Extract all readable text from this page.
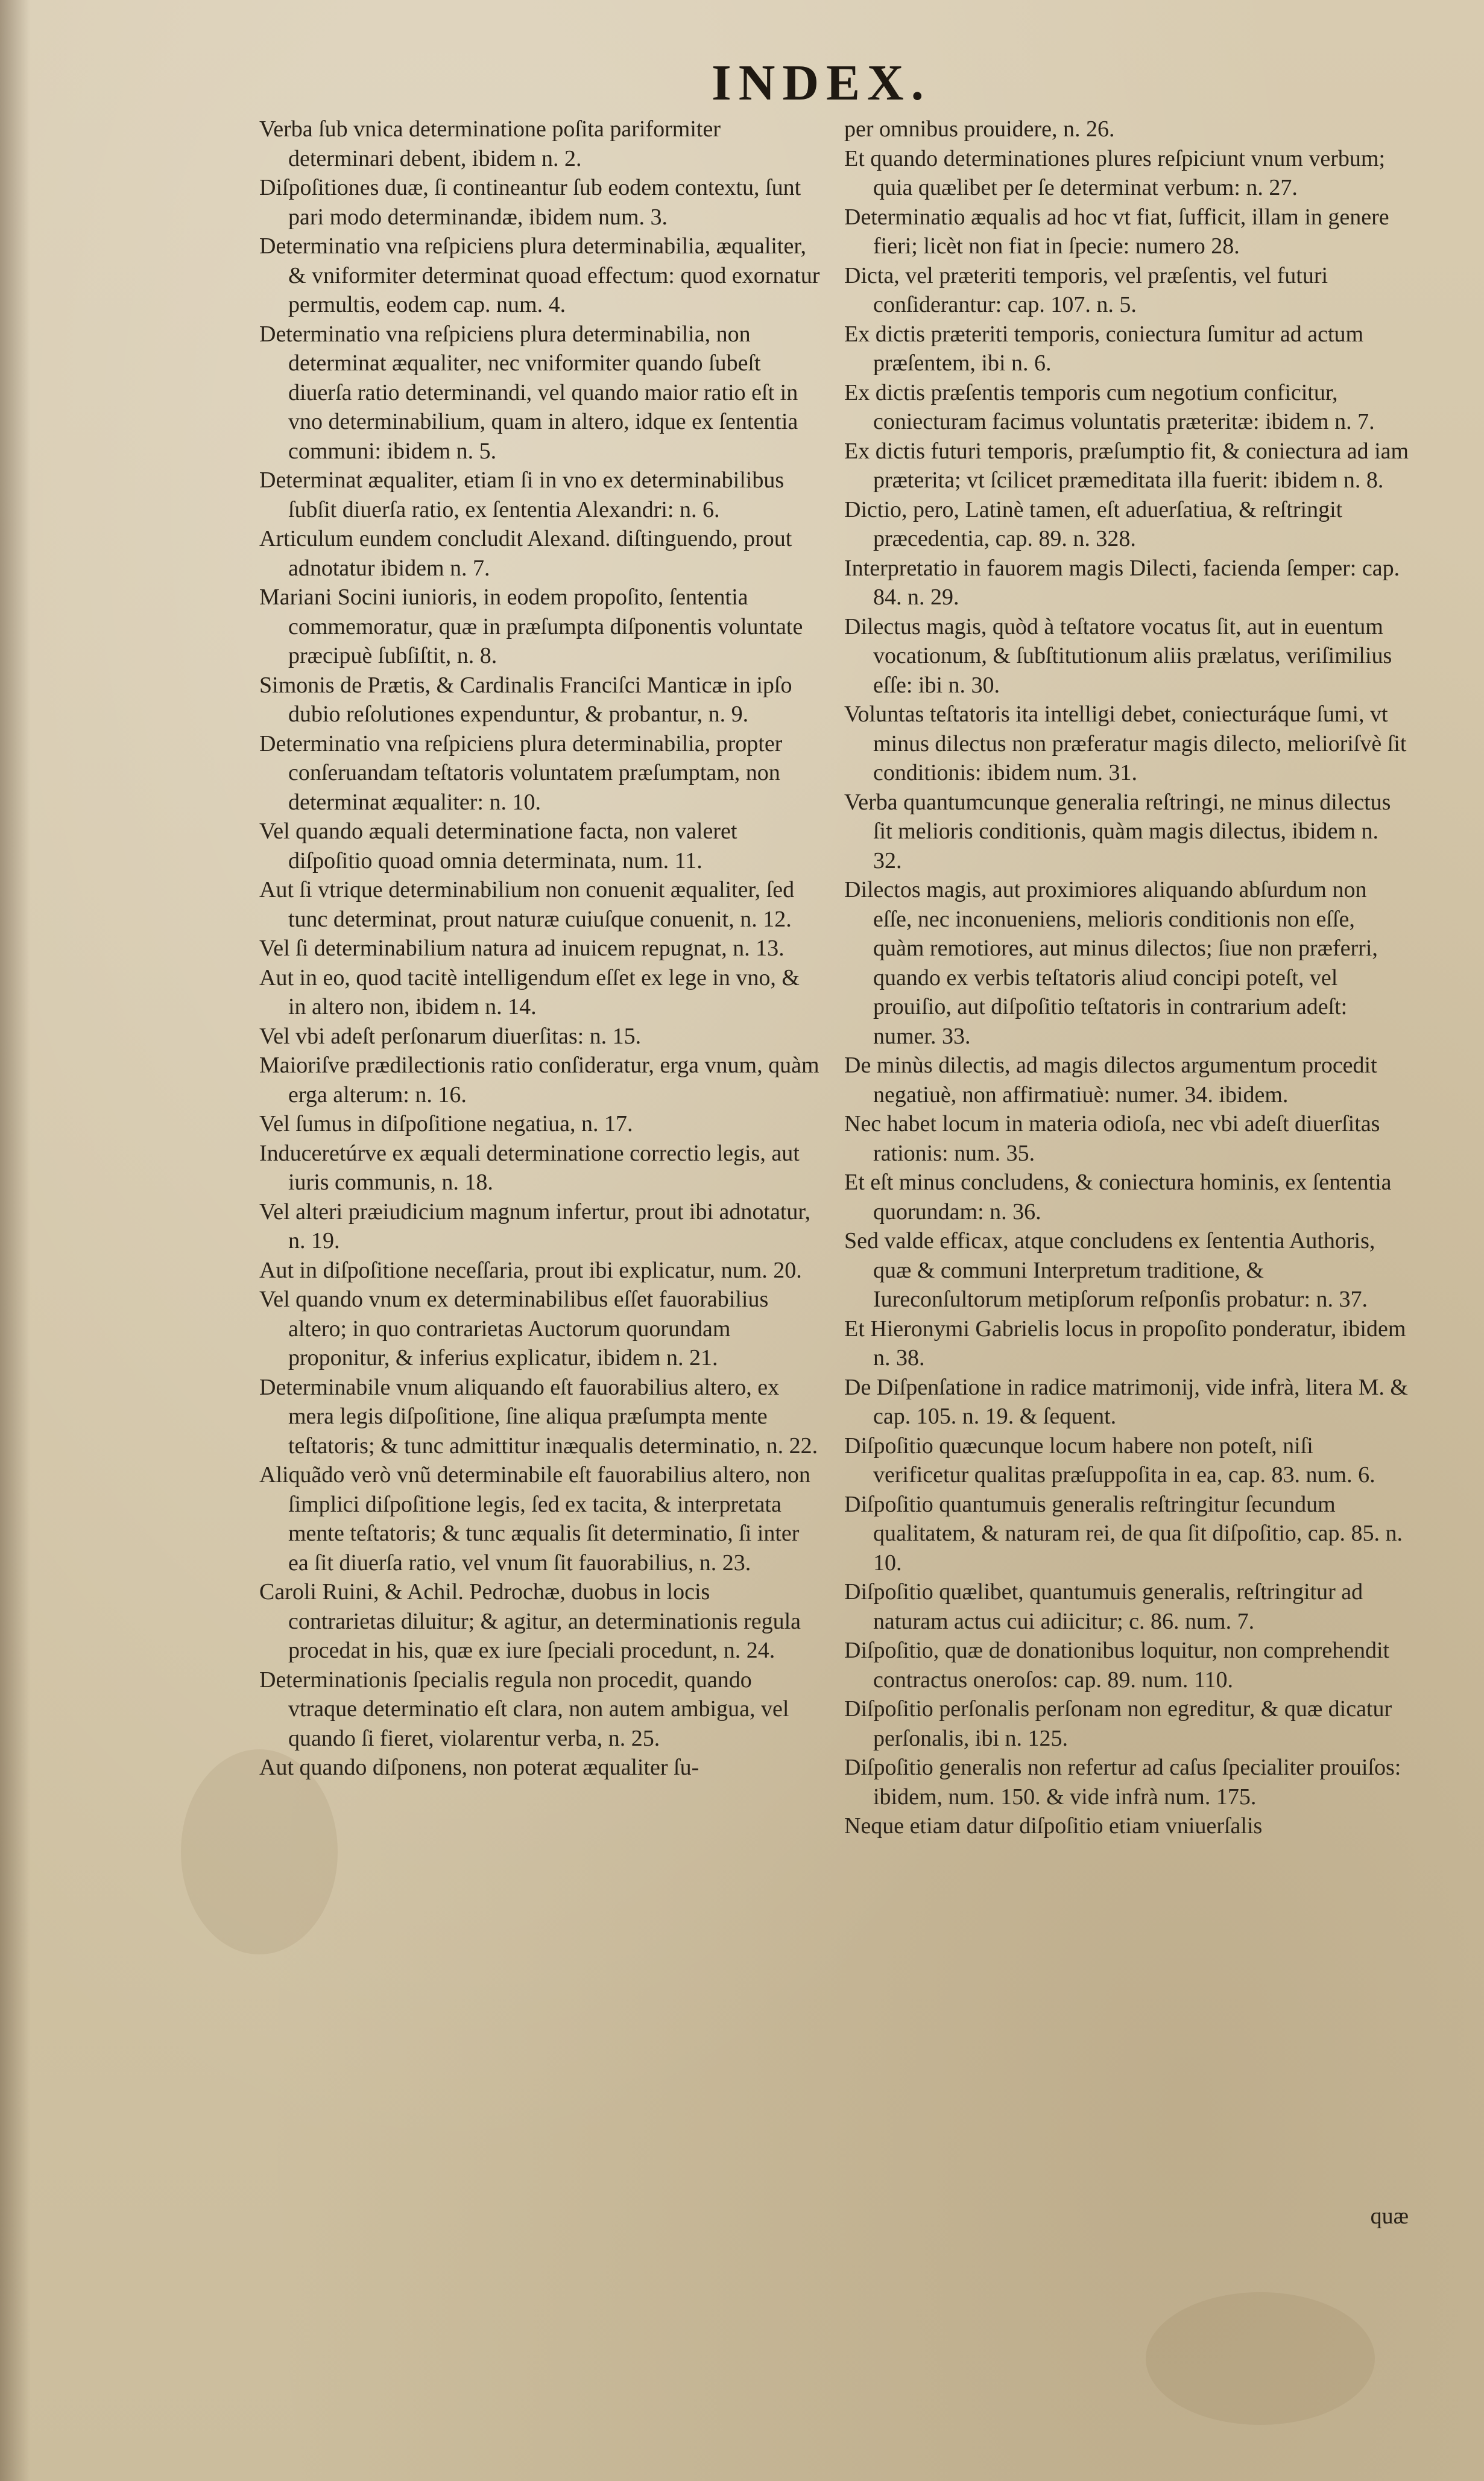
INDEX.

Verba ſub vnica determinatione poſita pariformiter determinari debent, ibidem n. 2.

Diſpoſitiones duæ, ſi contineantur ſub eodem contextu, ſunt pari modo determinandæ, ibidem num. 3.

Determinatio vna reſpiciens plura determinabilia, æqualiter, & vniformiter determinat quoad effectum: quod exornatur permultis, eodem cap. num. 4.

Determinatio vna reſpiciens plura determinabilia, non determinat æqualiter, nec vniformiter quando ſubeſt diuerſa ratio determinandi, vel quando maior ratio eſt in vno determinabilium, quam in altero, idque ex ſententia communi: ibidem n. 5.

Determinat æqualiter, etiam ſi in vno ex determinabilibus ſubſit diuerſa ratio, ex ſententia Alexandri: n. 6.

Articulum eundem concludit Alexand. diſtinguendo, prout adnotatur ibidem n. 7.

Mariani Socini iunioris, in eodem propoſito, ſententia commemoratur, quæ in præſumpta diſponentis voluntate præcipuè ſubſiſtit, n. 8.

Simonis de Prætis, & Cardinalis Franciſci Manticæ in ipſo dubio reſolutiones expenduntur, & probantur, n. 9.

Determinatio vna reſpiciens plura determinabilia, propter conſeruandam teſtatoris voluntatem præſumptam, non determinat æqualiter: n. 10.

Vel quando æquali determinatione facta, non valeret diſpoſitio quoad omnia determinata, num. 11.

Aut ſi vtrique determinabilium non conuenit æqualiter, ſed tunc determinat, prout naturæ cuiuſque conuenit, n. 12.

Vel ſi determinabilium natura ad inuicem repugnat, n. 13.

Aut in eo, quod tacitè intelligendum eſſet ex lege in vno, & in altero non, ibidem n. 14.

Vel vbi adeſt perſonarum diuerſitas: n. 15.

Maioriſve prædilectionis ratio conſideratur, erga vnum, quàm erga alterum: n. 16.

Vel ſumus in diſpoſitione negatiua, n. 17.

Induceretúrve ex æquali determinatione correctio legis, aut iuris communis, n. 18.

Vel alteri præiudicium magnum infertur, prout ibi adnotatur, n. 19.

Aut in diſpoſitione neceſſaria, prout ibi explicatur, num. 20.

Vel quando vnum ex determinabilibus eſſet fauorabilius altero; in quo contrarietas Auctorum quorundam proponitur, & inferius explicatur, ibidem n. 21.

Determinabile vnum aliquando eſt fauorabilius altero, ex mera legis diſpoſitione, ſine aliqua præſumpta mente teſtatoris; & tunc admittitur inæqualis determinatio, n. 22.

Aliquãdo verò vnũ determinabile eſt fauorabilius altero, non ſimplici diſpoſitione legis, ſed ex tacita, & interpretata mente teſtatoris; & tunc æqualis ſit determinatio, ſi inter ea ſit diuerſa ratio, vel vnum ſit fauorabilius, n. 23.

Caroli Ruini, & Achil. Pedrochæ, duobus in locis contrarietas diluitur; & agitur, an determinationis regula procedat in his, quæ ex iure ſpeciali procedunt, n. 24.

Determinationis ſpecialis regula non procedit, quando vtraque determinatio eſt clara, non autem ambigua, vel quando ſi fieret, violarentur verba, n. 25.

Aut quando diſponens, non poterat æqualiter ſu-

per omnibus prouidere, n. 26.

Et quando determinationes plures reſpiciunt vnum verbum; quia quælibet per ſe determinat verbum: n. 27.

Determinatio æqualis ad hoc vt fiat, ſufficit, illam in genere fieri; licèt non fiat in ſpecie: numero 28.

Dicta, vel præteriti temporis, vel præſentis, vel futuri conſiderantur: cap. 107. n. 5.

Ex dictis præteriti temporis, coniectura ſumitur ad actum præſentem, ibi n. 6.

Ex dictis præſentis temporis cum negotium conficitur, coniecturam facimus voluntatis præteritæ: ibidem n. 7.

Ex dictis futuri temporis, præſumptio fit, & coniectura ad iam præterita; vt ſcilicet præmeditata illa fuerit: ibidem n. 8.

Dictio, pero, Latinè tamen, eſt aduerſatiua, & reſtringit præcedentia, cap. 89. n. 328.

Interpretatio in fauorem magis Dilecti, facienda ſemper: cap. 84. n. 29.

Dilectus magis, quòd à teſtatore vocatus ſit, aut in euentum vocationum, & ſubſtitutionum aliis prælatus, veriſimilius eſſe: ibi n. 30.

Voluntas teſtatoris ita intelligi debet, coniecturáque ſumi, vt minus dilectus non præferatur magis dilecto, melioriſvè ſit conditionis: ibidem num. 31.

Verba quantumcunque generalia reſtringi, ne minus dilectus ſit melioris conditionis, quàm magis dilectus, ibidem n. 32.

Dilectos magis, aut proximiores aliquando abſurdum non eſſe, nec inconueniens, melioris conditionis non eſſe, quàm remotiores, aut minus dilectos; ſiue non præferri, quando ex verbis teſtatoris aliud concipi poteſt, vel prouiſio, aut diſpoſitio teſtatoris in contrarium adeſt: numer. 33.

De minùs dilectis, ad magis dilectos argumentum procedit negatiuè, non affirmatiuè: numer. 34. ibidem.

Nec habet locum in materia odioſa, nec vbi adeſt diuerſitas rationis: num. 35.

Et eſt minus concludens, & coniectura hominis, ex ſententia quorundam: n. 36.

Sed valde efficax, atque concludens ex ſententia Authoris, quæ & communi Interpretum traditione, & Iureconſultorum metipſorum reſponſis probatur: n. 37.

Et Hieronymi Gabrielis locus in propoſito ponderatur, ibidem n. 38.

De Diſpenſatione in radice matrimonij, vide infrà, litera M. & cap. 105. n. 19. & ſequent.

Diſpoſitio quæcunque locum habere non poteſt, niſi verificetur qualitas præſuppoſita in ea, cap. 83. num. 6.

Diſpoſitio quantumuis generalis reſtringitur ſecundum qualitatem, & naturam rei, de qua ſit diſpoſitio, cap. 85. n. 10.

Diſpoſitio quælibet, quantumuis generalis, reſtringitur ad naturam actus cui adiicitur; c. 86. num. 7.

Diſpoſitio, quæ de donationibus loquitur, non comprehendit contractus oneroſos: cap. 89. num. 110.

Diſpoſitio perſonalis perſonam non egreditur, & quæ dicatur perſonalis, ibi n. 125.

Diſpoſitio generalis non refertur ad caſus ſpecialiter prouiſos: ibidem, num. 150. & vide infrà num. 175.

Neque etiam datur diſpoſitio etiam vniuerſalis

quæ
